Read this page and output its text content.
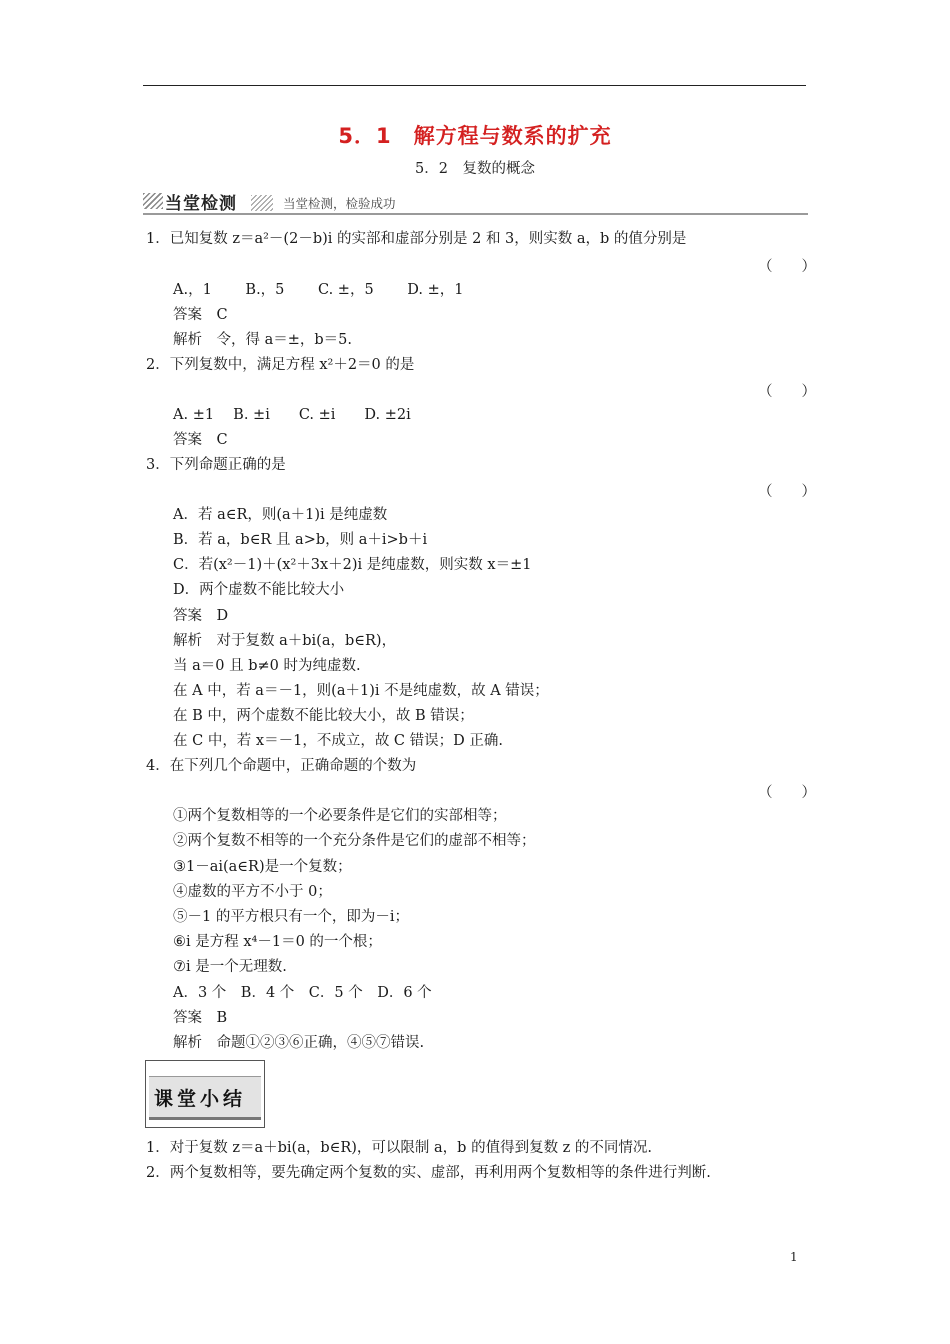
5．1　解方程与数系的扩充
5．2　复数的概念
当堂检测	当堂检测，检验成功
1．已知复数 z＝a²－(2－b)i 的实部和虚部分别是 2 和 3，则实数 a，b 的值分别是
（　　）
A.，1　　 B.，5　　 C. ±，5　　 D. ±，1
答案　C
解析　令，得 a＝±，b＝5.
2．下列复数中，满足方程 x²＋2＝0 的是
（　　）
A. ±1　 B. ±i　　C. ±i　　D. ±2i
答案　C
3．下列命题正确的是
（　　）
A．若 a∈R，则(a＋1)i 是纯虚数
B．若 a，b∈R 且 a>b，则 a＋i>b＋i
C．若(x²－1)＋(x²＋3x＋2)i 是纯虚数，则实数 x＝±1
D．两个虚数不能比较大小
答案　D
解析　对于复数 a＋bi(a，b∈R)，
当 a＝0 且 b≠0 时为纯虚数.
在 A 中，若 a＝－1，则(a＋1)i 不是纯虚数，故 A 错误；
在 B 中，两个虚数不能比较大小，故 B 错误；
在 C 中，若 x＝－1，不成立，故 C 错误；D 正确.
4．在下列几个命题中，正确命题的个数为
（　　）
①两个复数相等的一个必要条件是它们的实部相等；
②两个复数不相等的一个充分条件是它们的虚部不相等；
③1－ai(a∈R)是一个复数；
④虚数的平方不小于 0；
⑤－1 的平方根只有一个，即为－i；
⑥i 是方程 x⁴－1＝0 的一个根；
⑦i 是一个无理数.
A．3 个　B．4 个　C．5 个　D．6 个
答案　B
解析　命题①②③⑥正确，④⑤⑦错误.
课堂小结
1．对于复数 z＝a＋bi(a，b∈R)，可以限制 a，b 的值得到复数 z 的不同情况.
2．两个复数相等，要先确定两个复数的实、虚部，再利用两个复数相等的条件进行判断.
1
